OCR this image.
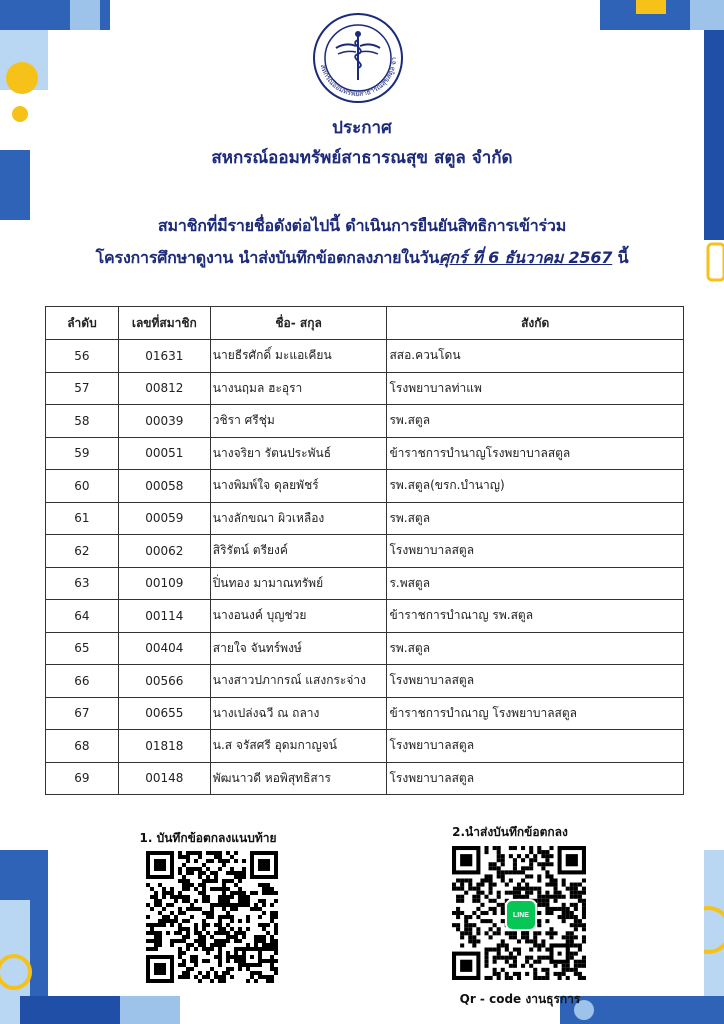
สหกรณ์ออมทรัพย์สาธารณสุขสตูล จำ
ประกาศ
สหกรณ์ออมทรัพย์สาธารณสุข สตูล จำกัด
สมาชิกที่มีรายชื่อดังต่อไปนี้ ดำเนินการยืนยันสิทธิการเข้าร่วม
โครงการศึกษาดูงาน นำส่งบันทึกข้อตกลงภายในวันศุกร์ ที่ 6 ธันวาคม 2567 นี้
ลำดับ	เลขที่สมาชิก	ชื่อ- สกุล	สังกัด
56	01631	นายธีรศักดิ์ มะแอเคียน	สสอ.ควนโดน
57	00812	นางนฤมล ฮะอุรา	โรงพยาบาลท่าแพ
58	00039	วชิรา ศรีชุ่ม	รพ.สตูล
59	00051	นางจริยา รัตนประพันธ์	ข้าราชการบำนาญโรงพยาบาลสตูล
60	00058	นางพิมพ์ใจ ดุลยพัชร์	รพ.สตูล(ขรก.บำนาญ)
61	00059	นางลักขณา ผิวเหลือง	รพ.สตูล
62	00062	สิริรัตน์ ตรียงค์	โรงพยาบาลสตูล
63	00109	ปิ่นทอง มามาณทรัพย์	ร.พสตูล
64	00114	นางอนงค์ บุญช่วย	ข้าราชการบำณาญ รพ.สตูล
65	00404	สายใจ จันทร์พงษ์	รพ.สตูล
66	00566	นางสาวปภากรณ์ แสงกระจ่าง	โรงพยาบาลสตูล
67	00655	นางเปล่งฉวี ณ ถลาง	ข้าราชการบำณาญ โรงพยาบาลสตูล
68	01818	น.ส จรัสศรี อุดมกาญจน์	โรงพยาบาลสตูล
69	00148	พัฒนาวดี หอพิสุทธิสาร	โรงพยาบาลสตูล
1. บันทึกข้อตกลงแนบท้าย	2.นำส่งบันทึกข้อตกลง
LINE
Qr - code งานธุรการ
